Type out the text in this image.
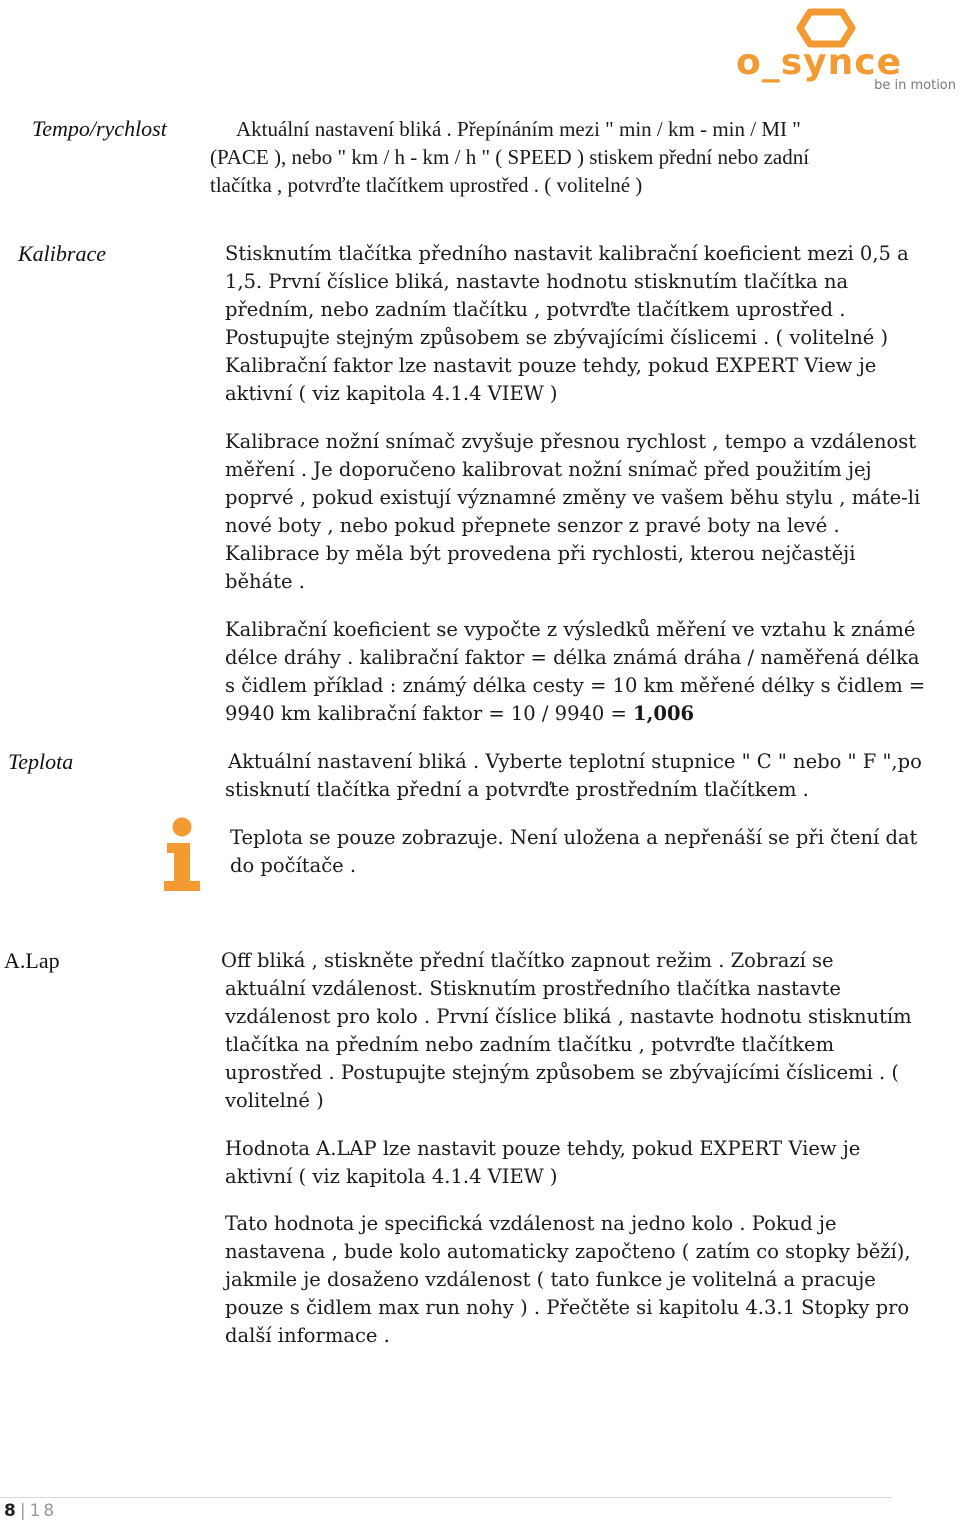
o_synce
be in motion
Tempo/rychlost	Aktuální nastavení bliká . Přepínáním mezi " min / km - min / MI "
(PACE ), nebo " km / h - km / h " ( SPEED ) stiskem přední nebo zadní
tlačítka , potvrďte tlačítkem uprostřed . ( volitelné )
Kalibrace	Stisknutím tlačítka předního nastavit kalibrační koeficient mezi 0,5 a
1,5. První číslice bliká, nastavte hodnotu stisknutím tlačítka na
předním, nebo zadním tlačítku , potvrďte tlačítkem uprostřed .
Postupujte stejným způsobem se zbývajícími číslicemi . ( volitelné )
Kalibrační faktor lze nastavit pouze tehdy, pokud EXPERT View je
aktivní ( viz kapitola 4.1.4 VIEW )
Kalibrace nožní snímač zvyšuje přesnou rychlost , tempo a vzdálenost
měření . Je doporučeno kalibrovat nožní snímač před použitím jej
poprvé , pokud existují významné změny ve vašem běhu stylu , máte-li
nové boty , nebo pokud přepnete senzor z pravé boty na levé .
Kalibrace by měla být provedena při rychlosti, kterou nejčastěji
běháte .
Kalibrační koeficient se vypočte z výsledků měření ve vztahu k známé
délce dráhy . kalibrační faktor = délka známá dráha / naměřená délka
s čidlem příklad : známý délka cesty = 10 km měřené délky s čidlem =
9940 km kalibrační faktor = 10 / 9940 = 1,006
Teplota	Aktuální nastavení bliká . Vyberte teplotní stupnice " C " nebo " F ",po
stisknutí tlačítka přední a potvrďte prostředním tlačítkem .
Teplota se pouze zobrazuje. Není uložena a nepřenáší se při čtení dat
do počítače .
A.Lap	Off bliká , stiskněte přední tlačítko zapnout režim . Zobrazí se
aktuální vzdálenost. Stisknutím prostředního tlačítka nastavte
vzdálenost pro kolo . První číslice bliká , nastavte hodnotu stisknutím
tlačítka na předním nebo zadním tlačítku , potvrďte tlačítkem
uprostřed . Postupujte stejným způsobem se zbývajícími číslicemi . (
volitelné )
Hodnota A.LAP lze nastavit pouze tehdy, pokud EXPERT View je
aktivní ( viz kapitola 4.1.4 VIEW )
Tato hodnota je specifická vzdálenost na jedno kolo . Pokud je
nastavena , bude kolo automaticky započteno ( zatím co stopky běží),
jakmile je dosaženo vzdálenost ( tato funkce je volitelná a pracuje
pouze s čidlem max run nohy ) . Přečtěte si kapitolu 4.3.1 Stopky pro
další informace .
8 | 18
